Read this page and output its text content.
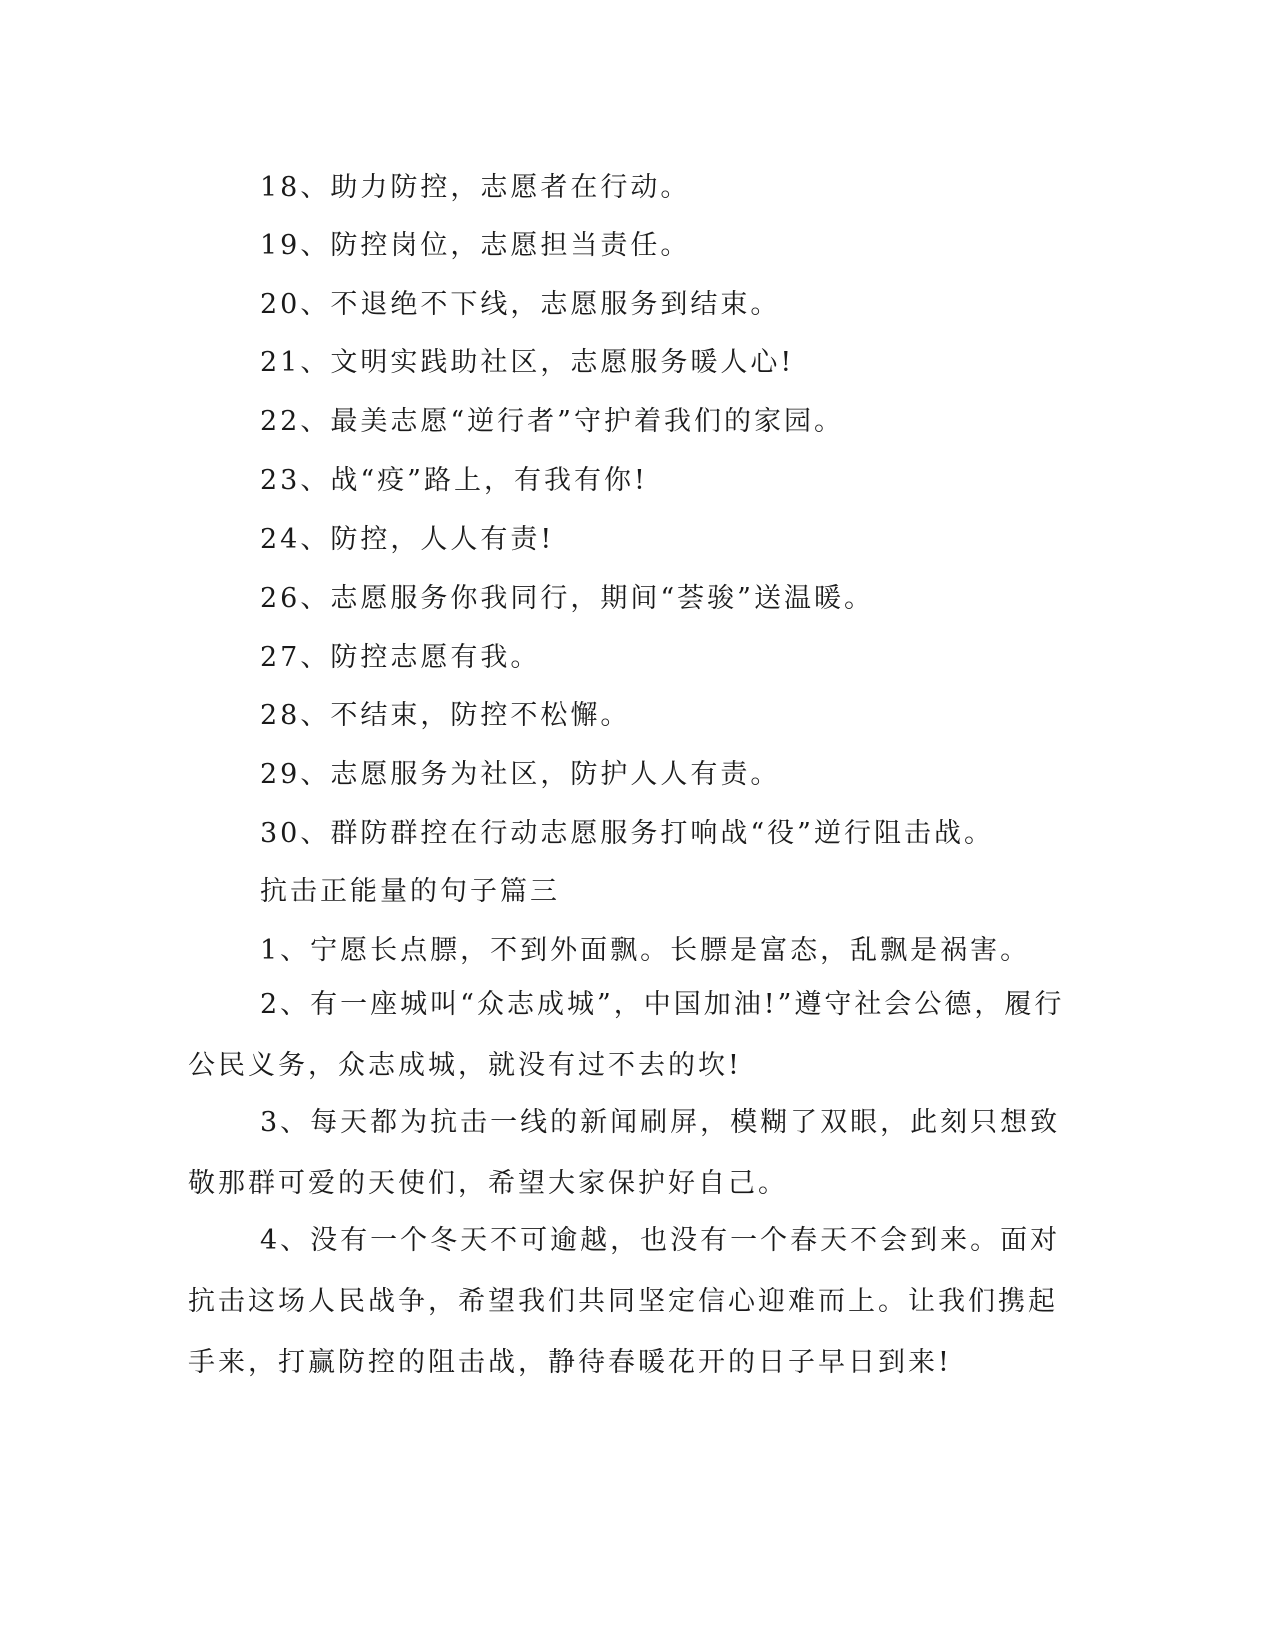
18、助力防控，志愿者在行动。
19、防控岗位，志愿担当责任。
20、不退绝不下线，志愿服务到结束。
21、文明实践助社区，志愿服务暖人心!
22、最美志愿“逆行者”守护着我们的家园。
23、战“疫”路上，有我有你!
24、防控，人人有责!
26、志愿服务你我同行，期间“荟骏”送温暖。
27、防控志愿有我。
28、不结束，防控不松懈。
29、志愿服务为社区，防护人人有责。
30、群防群控在行动志愿服务打响战“役”逆行阻击战。
抗击正能量的句子篇三
1、宁愿长点膘，不到外面飘。长膘是富态，乱飘是祸害。
2、有一座城叫“众志成城”，中国加油!”遵守社会公德，履行公民义务，众志成城，就没有过不去的坎!
3、每天都为抗击一线的新闻刷屏，模糊了双眼，此刻只想致敬那群可爱的天使们，希望大家保护好自己。
4、没有一个冬天不可逾越，也没有一个春天不会到来。面对抗击这场人民战争，希望我们共同坚定信心迎难而上。让我们携起手来，打赢防控的阻击战，静待春暖花开的日子早日到来!
